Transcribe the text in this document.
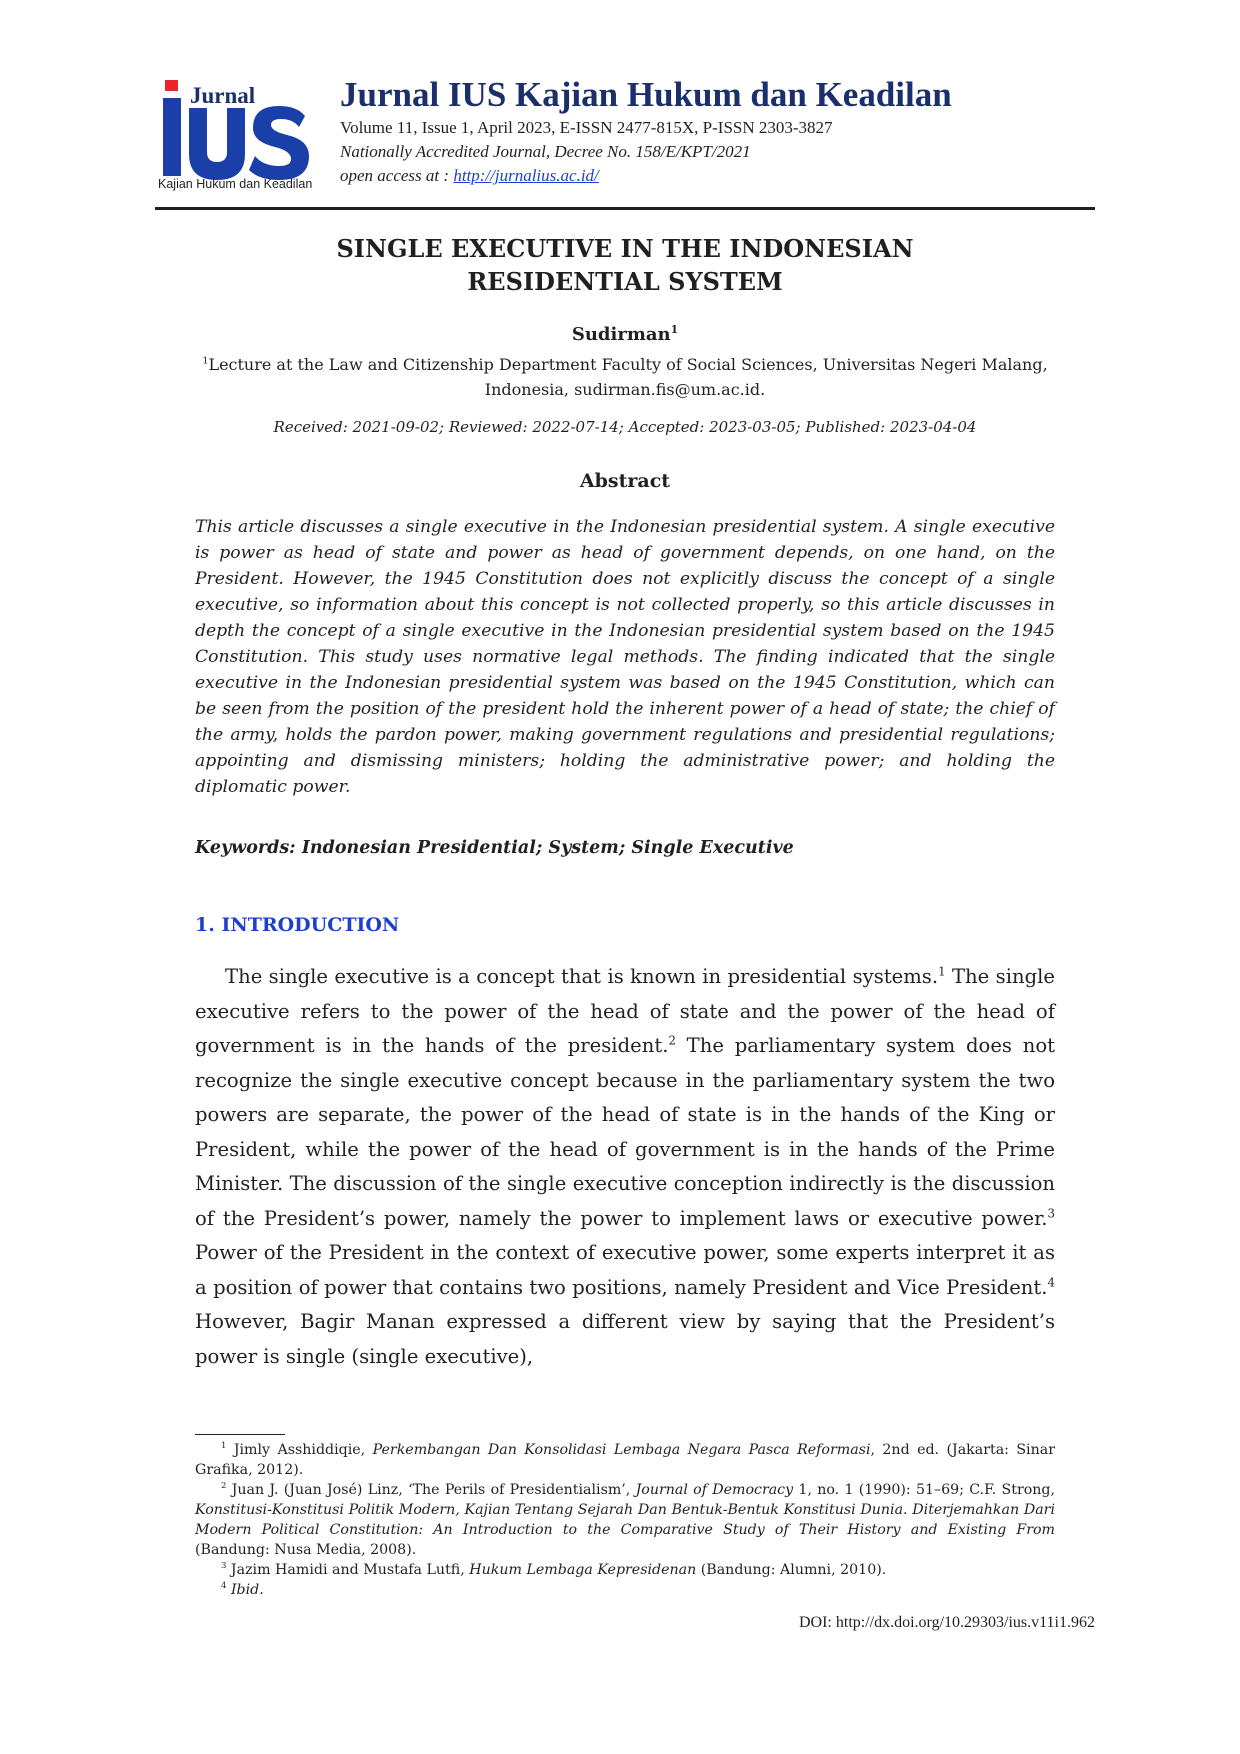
Jurnal
Kajian Hukum dan Keadilan

Jurnal IUS Kajian Hukum dan Keadilan

Volume 11, Issue 1, April 2023, E-ISSN 2477-815X, P-ISSN 2303-3827

Nationally Accredited Journal, Decree No. 158/E/KPT/2021

open access at : http://jurnalius.ac.id/

SINGLE EXECUTIVE IN THE INDONESIAN
RESIDENTIAL SYSTEM

Sudirman$^1$

$^1$Lecture at the Law and Citizenship Department Faculty of Social Sciences, Universitas Negeri Malang, Indonesia, sudirman.fis@um.ac.id.

Received: 2021-09-02; Reviewed: 2022-07-14; Accepted: 2023-03-05; Published: 2023-04-04

Abstract

This article discusses a single executive in the Indonesian presidential system. A single executive is power as head of state and power as head of government depends, on one hand, on the President. However, the 1945 Constitution does not explicitly discuss the concept of a single executive, so information about this concept is not collected properly, so this article discusses in depth the concept of a single executive in the Indonesian presidential system based on the 1945 Constitution. This study uses normative legal methods. The finding indicated that the single executive in the Indonesian presidential system was based on the 1945 Constitution, which can be seen from the position of the president hold the inherent power of a head of state; the chief of the army, holds the pardon power, making government regulations and presidential regulations; appointing and dismissing ministers; holding the administrative power; and holding the diplomatic power.

Keywords: Indonesian Presidential; System; Single Executive

1. INTRODUCTION

The single executive is a concept that is known in presidential systems.$^1$ The single executive refers to the power of the head of state and the power of the head of government is in the hands of the president.$^2$ The parliamentary system does not recognize the single executive concept because in the parliamentary system the two powers are separate, the power of the head of state is in the hands of the King or President, while the power of the head of government is in the hands of the Prime Minister. The discussion of the single executive conception indirectly is the discussion of the President’s power, namely the power to implement laws or executive power.$^3$ Power of the President in the context of executive power, some experts interpret it as a position of power that contains two positions, namely President and Vice President.$^4$ However, Bagir Manan expressed a different view by saying that the President’s power is single (single executive),

$^1$ Jimly Asshiddiqie, Perkembangan Dan Konsolidasi Lembaga Negara Pasca Reformasi, 2nd ed. (Jakarta: Sinar Grafika, 2012).

$^2$ Juan J. (Juan José) Linz, ‘The Perils of Presidentialism’, Journal of Democracy 1, no. 1 (1990): 51–69; C.F. Strong, Konstitusi-Konstitusi Politik Modern, Kajian Tentang Sejarah Dan Bentuk-Bentuk Konstitusi Dunia. Diterjemahkan Dari Modern Political Constitution: An Introduction to the Comparative Study of Their History and Existing From (Bandung: Nusa Media, 2008).

$^3$ Jazim Hamidi and Mustafa Lutfi, Hukum Lembaga Kepresidenan (Bandung: Alumni, 2010).

$^4$ Ibid.

DOI: http://dx.doi.org/10.29303/ius.v11i1.962
